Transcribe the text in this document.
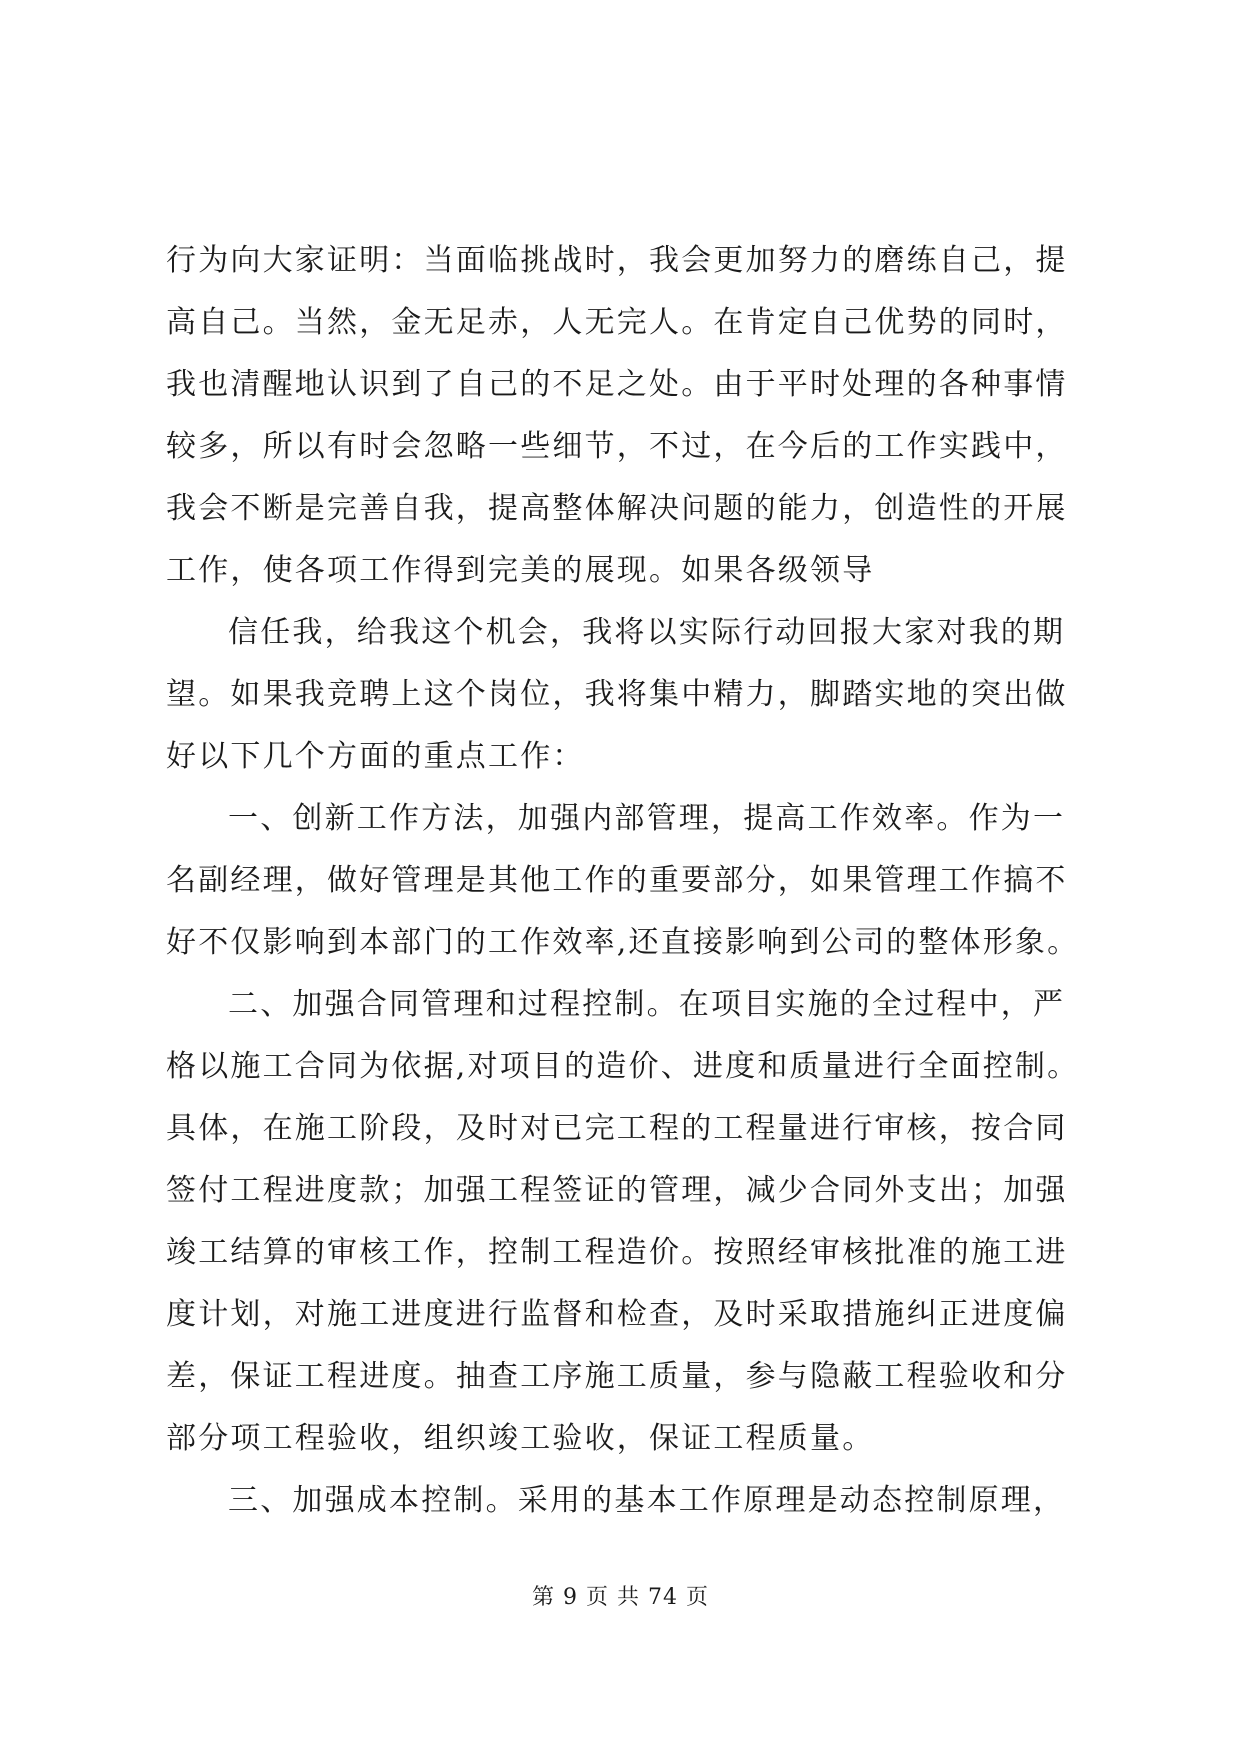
行为向大家证明：当面临挑战时，我会更加努力的磨练自己，提
高自己。当然，金无足赤，人无完人。在肯定自己优势的同时，
我也清醒地认识到了自己的不足之处。由于平时处理的各种事情
较多，所以有时会忽略一些细节，不过，在今后的工作实践中，
我会不断是完善自我，提高整体解决问题的能力，创造性的开展
工作，使各项工作得到完美的展现。如果各级领导
信任我，给我这个机会，我将以实际行动回报大家对我的期
望。如果我竞聘上这个岗位，我将集中精力，脚踏实地的突出做
好以下几个方面的重点工作：
一、创新工作方法，加强内部管理，提高工作效率。作为一
名副经理，做好管理是其他工作的重要部分，如果管理工作搞不
好不仅影响到本部门的工作效率,还直接影响到公司的整体形象。
二、加强合同管理和过程控制。在项目实施的全过程中，严
格以施工合同为依据,对项目的造价、进度和质量进行全面控制。
具体，在施工阶段，及时对已完工程的工程量进行审核，按合同
签付工程进度款；加强工程签证的管理，减少合同外支出；加强
竣工结算的审核工作，控制工程造价。按照经审核批准的施工进
度计划，对施工进度进行监督和检查，及时采取措施纠正进度偏
差，保证工程进度。抽查工序施工质量，参与隐蔽工程验收和分
部分项工程验收，组织竣工验收，保证工程质量。
三、加强成本控制。采用的基本工作原理是动态控制原理，
第 9 页 共 74 页
